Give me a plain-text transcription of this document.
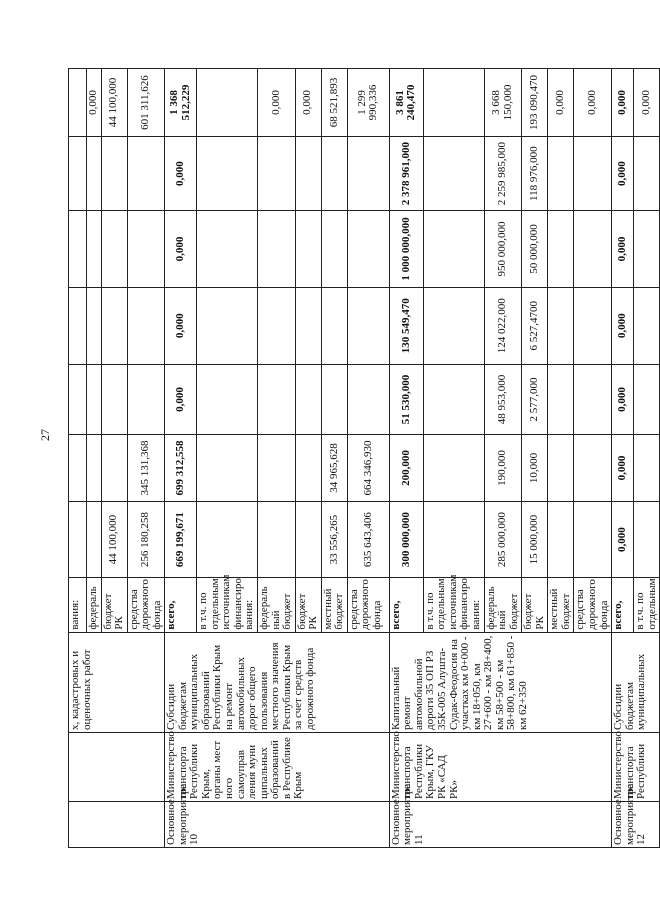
27
		х, кадастровых и оценочных работ	вания:							
			федераль							0,000
			бюджет РК	44 100,000						44 100,000
			средства дорожного фонда	256 180,258	345 131,368					601 311,626
Основное мероприятие 10	Министерство транспорта Республики Крым, органы мест ного самоуправ ления муни ципальных образований в Республике Крым	Субсидии бюджетам муниципальных образований Республики Крым на ремонт автомобильных дорог общего пользования местного значения Республики Крым за счет средств дорожного фонда	всего,	669 199,671	699 312,558	0,000	0,000	0,000	0,000	1 368 512,229
			в т.ч. по отдельным источникам финансиро вания:							
			федераль ный бюджет							0,000
			бюджет РК							0,000
			местный бюджет	33 556,265	34 965,628					68 521,893
			средства дорожного фонда	635 643,406	664 346,930					1 299 990,336
Основное мероприятие 11	Министерство транспорта Республики Крым, ГКУ РК «САД РК»	Капитальный ремонт автомобильной дороги 35 ОП РЗ 35К-005 Алушта-Судак-Феодосия на участках км 0+000 - км 18+050, км 27+600 - км 28+400, км 58+500 - км 58+800, км 61+850 - км 62+350	всего,	300 000,000	200,000	51 530,000	130 549,470	1 000 000,000	2 378 961,000	3 861 240,470
			в т.ч. по отдельным источникам финансиро вания:							
			федераль ный бюджет	285 000,000	190,000	48 953,000	124 022,000	950 000,000	2 259 985,000	3 668 150,000
			бюджет РК	15 000,000	10,000	2 577,000	6 527,4700	50 000,000	118 976,000	193 090,470
			местный бюджет							0,000
			средства дорожного фонда							0,000
Основное мероприятие 12	Министерство транспорта Республики	Субсидии бюджетам муниципальных	всего,	0,000	0,000	0,000	0,000	0,000	0,000	0,000
			в т.ч. по отдельным							0,000
